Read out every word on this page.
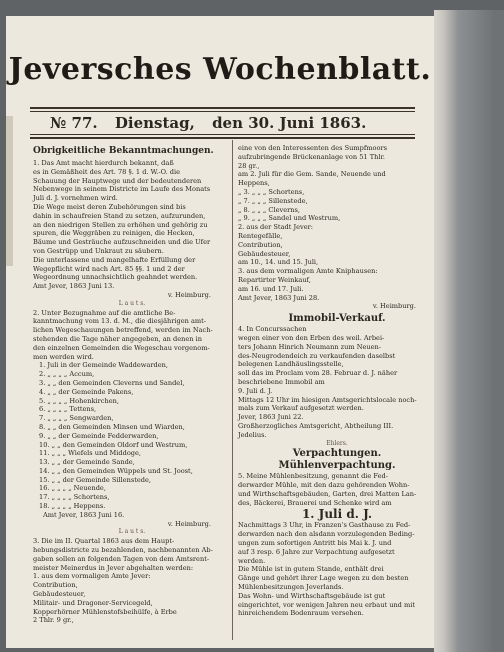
Jeversches Wochenblatt.
№ 77. Dienstag, den 30. Juni 1863.

Obrigkeitliche Bekanntmachungen.

1. Das Amt macht hierdurch bekannt, daß

es in Gemäßheit des Art. 78 §. 1 d. W.-O. die

Schauung der Hauptwege und der bedeutenderen

Nebenwege in seinem Districte im Laufe des Monats

Juli d. J. vornehmen wird.

Die Wege meist deren Zubehörungen sind bis

dahin in schaufreien Stand zu setzen, aufzurunden,

an den niedrigen Stellen zu erhöhen und gehörig zu

spuren, die Weggräben zu reinigen, die Hecken,

Bäume und Gesträuche aufzuschneiden und die Ufer

von Gestrüpp und Unkraut zu säubern.

Die unterlassene und mangelhafte Erfüllung der

Wegepflicht wird nach Art. 85 §§. 1 und 2 der

Wegeordnung unnachsichtlich geahndet werden.

Amt Jever, 1863 Juni 13.

v. Heimburg.

L a u t s.

2. Unter Bezugnahme auf die amtliche Be-

kanntmachung vom 13. d. M., die diesjährigen amt-

lichen Wegeschauungen betreffend, werden im Nach-

stehenden die Tage näher angegeben, an denen in

den einzelnen Gemeinden die Wegeschau vorgenom-

men werden wird.

1. Juli in der Gemeinde Waddewarden,

2. „ „ „ „ Accum,

3. „ „ den Gemeinden Cleverns und Sandel,

4. „ „ der Gemeinde Pakens,

5. „ „ „ „ Hohenkirchen,

6. „ „ „ „ Tettens,

7. „ „ „ „ Sengwarden,

8. „ „ den Gemeinden Minsen und Wiarden,

9. „ „ der Gemeinde Fedderwarden,

10. „ „ den Gemeinden Oldorf und Westrum,

11. „ „ „ Wiefels und Middoge,

13. „ „ der Gemeinde Sande,

14. „ „ den Gemeinden Wüppels und St. Joost,

15. „ „ der Gemeinde Sillenstede,

16. „ „ „ „ Neuende,

17. „ „ „ „ Schortens,

18. „ „ „ „ Heppens.

Amt Jever, 1863 Juni 16.

v. Heimburg.

L a u t s.

3. Die im II. Quartal 1863 aus dem Haupt-

hebungsdistricte zu bezahlenden, nachbenannten Ab-

gaben sollen an folgenden Tagen von dem Amtsrent-

meister Meinerdus in Jever abgehalten werden:

1. aus dem vormaligen Amte Jever:

Contribution,

Gebäudesteuer,

Militair- und Dragoner-Servicegeld,

Kopperhörner Mühlenstofsbeihülfe, à Erbe

2 Thlr. 9 gr.,

eine von den Interessenten des Sumpfmoors

aufzubringende Brückenanlage von 51 Thlr.

28 gr.,

am 2. Juli für die Gem. Sande, Neuende und

Heppens,

„ 3. „ „ „ Schortens,

„ 7. „ „ „ Sillenstede,

„ 8. „ „ „ Cleverns,

„ 9. „ „ „ Sandel und Westrum,

2. aus der Stadt Jever:

Rentegefälle,

Contribution,

Gebäudesteuer,

am 10., 14. und 15. Juli,

3. aus dem vormaligen Amte Kniphausen:

Repartirter Weinkauf,

am 16. und 17. Juli.

Amt Jever, 1863 Juni 28.

v. Heimburg.

Immobil-Verkauf.

4. In Concurssachen

wegen einer von den Erben des weil. Arbei-

ters Johann Hinrich Neumann zum Neuen-

des-Neugrodendeich zu verkaufenden daselbst

belegenen Landhäuslingsstelle,

soll das im Proclam vom 28. Februar d. J. näher

beschriebene Immobil am

9. Juli d. J.

Mittags 12 Uhr im hiesigen Amtsgerichtslocale noch-

mals zum Verkauf aufgesetzt werden.

Jever, 1863 Juni 22.

Großherzogliches Amtsgericht, Abtheilung III.

Jedelius.

Ehlers.

Verpachtungen.

Mühlenverpachtung.

5. Meine Mühlenbesitzung, genannt die Fed-

derwarder Mühle, mit den dazu gehörenden Wohn-

und Wirthschaftsgebäuden, Garten, drei Matten Lan-

des, Bäckerei, Brauerei und Schenke wird am

1. Juli d. J.

Nachmittags 3 Uhr, in Franzen's Gasthause zu Fed-

derwarden nach den alsdann vorzulegenden Beding-

ungen zum sofortigen Antritt bis Mai k. J. und

auf 3 resp. 6 Jahre zur Verpachtung aufgesetzt

werden.

Die Mühle ist in gutem Stande, enthält drei

Gänge und gehört ihrer Lage wegen zu den besten

Mühlenbesitzungen Jeverlands.

Das Wohn- und Wirthschaftsgebäude ist gut

eingerichtet, vor wenigen Jahren neu erbaut und mit

hinreichendem Bodenraum versehen.
